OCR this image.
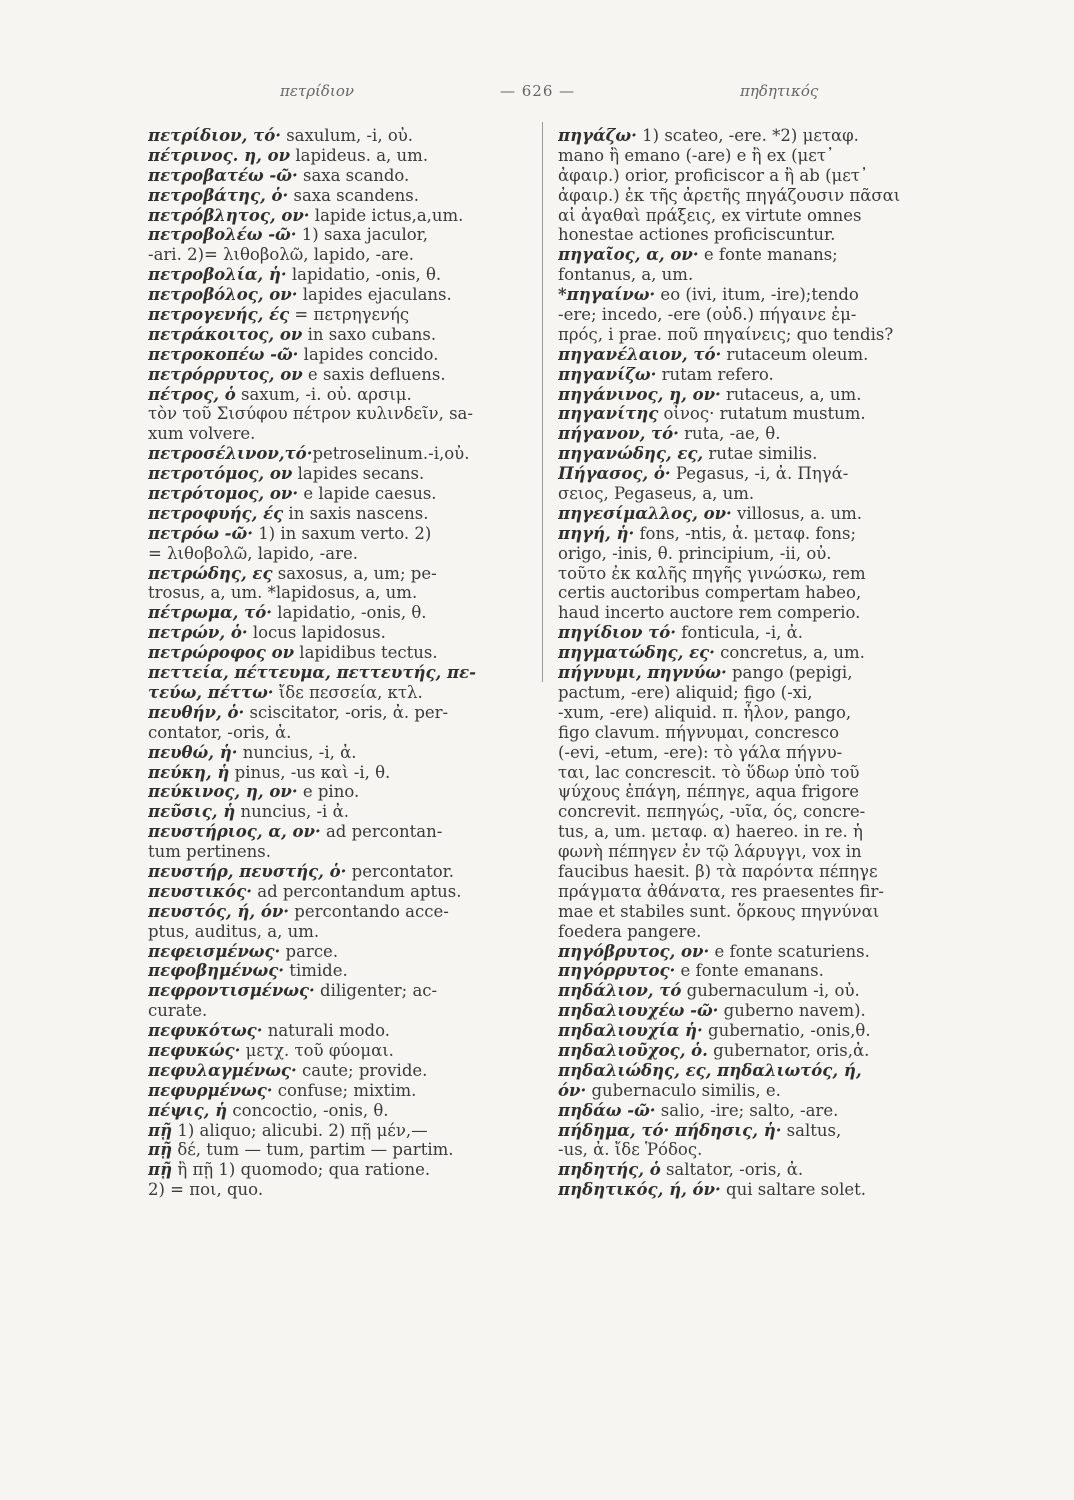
πετρίδιον	— 626 —	πηδητικός
πετρίδιον, τό· saxulum, -i, οὐ.
πέτρινος. η, ον lapideus. a, um.
πετροβατέω -ῶ· saxa scando.
πετροβάτης, ὁ· saxa scandens.
πετρόβλητος, ον· lapide ictus,a,um.
πετροβολέω -ῶ· 1) saxa jaculor,
-ari. 2)= λιθοβολῶ, lapido, -are.
πετροβολία, ἡ· lapidatio, -onis, θ.
πετροβόλος, ον· lapides ejaculans.
πετρογενής, ές = πετρηγενής
πετράκοιτος, ον in saxo cubans.
πετροκοπέω -ῶ· lapides concido.
πετρόρρυτος, ον e saxis defluens.
πέτρος, ὁ saxum, -i. οὐ. αρσιμ.
τὸν τοῦ Σισύφου πέτρον κυλινδεῖν, sa-
xum volvere.
πετροσέλινον,τό·petroselinum.-i,οὐ.
πετροτόμος, ον lapides secans.
πετρότομος, ον· e lapide caesus.
πετροφυής, ές in saxis nascens.
πετρόω -ῶ· 1) in saxum verto. 2)
= λιθοβολῶ, lapido, -are.
πετρώδης, ες saxosus, a, um; pe-
trosus, a, um. *lapidosus, a, um.
πέτρωμα, τό· lapidatio, -onis, θ.
πετρών, ὁ· locus lapidosus.
πετρώροφος ον lapidibus tectus.
πεττεία, πέττευμα, πεττευτής, πε-
τεύω, πέττω· ἴδε πεσσεία, κτλ.
πευθήν, ὁ· sciscitator, -oris, ἀ. per-
contator, -oris, ἀ.
πευθώ, ἡ· nuncius, -i, ἀ.
πεύκη, ἡ pinus, -us καὶ -i, θ.
πεύκινος, η, ον· e pino.
πεῦσις, ἡ nuncius, -i ἀ.
πευστήριος, α, ον· ad percontan-
tum pertinens.
πευστήρ, πευστής, ὁ· percontator.
πευστικός· ad percontandum aptus.
πευστός, ή, όν· percontando acce-
ptus, auditus, a, um.
πεφεισμένως· parce.
πεφοβημένως· timide.
πεφροντισμένως· diligenter; ac-
curate.
πεφυκότως· naturali modo.
πεφυκώς· μετχ. τοῦ φύομαι.
πεφυλαγμένως· caute; provide.
πεφυρμένως· confuse; mixtim.
πέψις, ἡ concoctio, -onis, θ.
πῇ 1) aliquo; alicubi. 2) πῇ μέν,—
πῇ δέ, tum — tum, partim — partim.
πῇ ἢ πῇ 1) quomodo; qua ratione.
2) = ποι, quo.
πηγάζω· 1) scateo, -ere. *2) μεταφ.
mano ἢ emano (-are) e ἢ ex (μετ᾽
ἀφαιρ.) orior, proficiscor a ἢ ab (μετ᾽
ἀφαιρ.) ἐκ τῆς ἀρετῆς πηγάζουσιν πᾶσαι
αἱ ἀγαθαὶ πράξεις, ex virtute omnes
honestae actiones proficiscuntur.
πηγαῖος, α, ον· e fonte manans;
fontanus, a, um.
*πηγαίνω· eo (ivi, itum, -ire);tendo
-ere; incedo, -ere (οὐδ.) πήγαινε ἐμ-
πρός, i prae. ποῦ πηγαίνεις; quo tendis?
πηγανέλαιον, τό· rutaceum oleum.
πηγανίζω· rutam refero.
πηγάνινος, η, ον· rutaceus, a, um.
πηγανίτης οἶνος· rutatum mustum.
πήγανον, τό· ruta, -ae, θ.
πηγανώδης, ες, rutae similis.
Πήγασος, ὁ· Pegasus, -i, ἀ. Πηγά-
σειος, Pegaseus, a, um.
πηγεσίμαλλος, ον· villosus, a. um.
πηγή, ἡ· fons, -ntis, ἀ. μεταφ. fons;
origo, -inis, θ. principium, -ii, οὐ.
τοῦτο ἐκ καλῆς πηγῆς γινώσκω, rem
certis auctoribus compertam habeo,
haud incerto auctore rem comperio.
πηγίδιον τό· fonticula, -i, ἀ.
πηγματώδης, ες· concretus, a, um.
πήγνυμι, πηγνύω· pango (pepigi,
pactum, -ere) aliquid; figo (-xi,
-xum, -ere) aliquid. π. ἧλον, pango,
figo clavum. πήγνυμαι, concresco
(-evi, -etum, -ere): τὸ γάλα πήγνυ-
ται, lac concrescit. τὸ ὕδωρ ὑπὸ τοῦ
ψύχους ἐπάγη, πέπηγε, aqua frigore
concrevit. πεπηγώς, -υῖα, ός, concre-
tus, a, um. μεταφ. α) haereo. in re. ἡ
φωνὴ πέπηγεν ἐν τῷ λάρυγγι, vox in
faucibus haesit. β) τὰ παρόντα πέπηγε
πράγματα ἀθάνατα, res praesentes fir-
mae et stabiles sunt. ὅρκους πηγνύναι
foedera pangere.
πηγόβρυτος, ον· e fonte scaturiens.
πηγόρρυτος· e fonte emanans.
πηδάλιον, τό gubernaculum -i, οὐ.
πηδαλιουχέω -ῶ· guberno navem).
πηδαλιουχία ἡ· gubernatio, -onis,θ.
πηδαλιοῦχος, ὁ. gubernator, oris,ἀ.
πηδαλιώδης, ες, πηδαλιωτός, ή,
όν· gubernaculo similis, e.
πηδάω -ῶ· salio, -ire; salto, -are.
πήδημα, τό· πήδησις, ἡ· saltus,
-us, ἀ. ἴδε Ῥόδος.
πηδητής, ὁ saltator, -oris, ἀ.
πηδητικός, ή, όν· qui saltare solet.
